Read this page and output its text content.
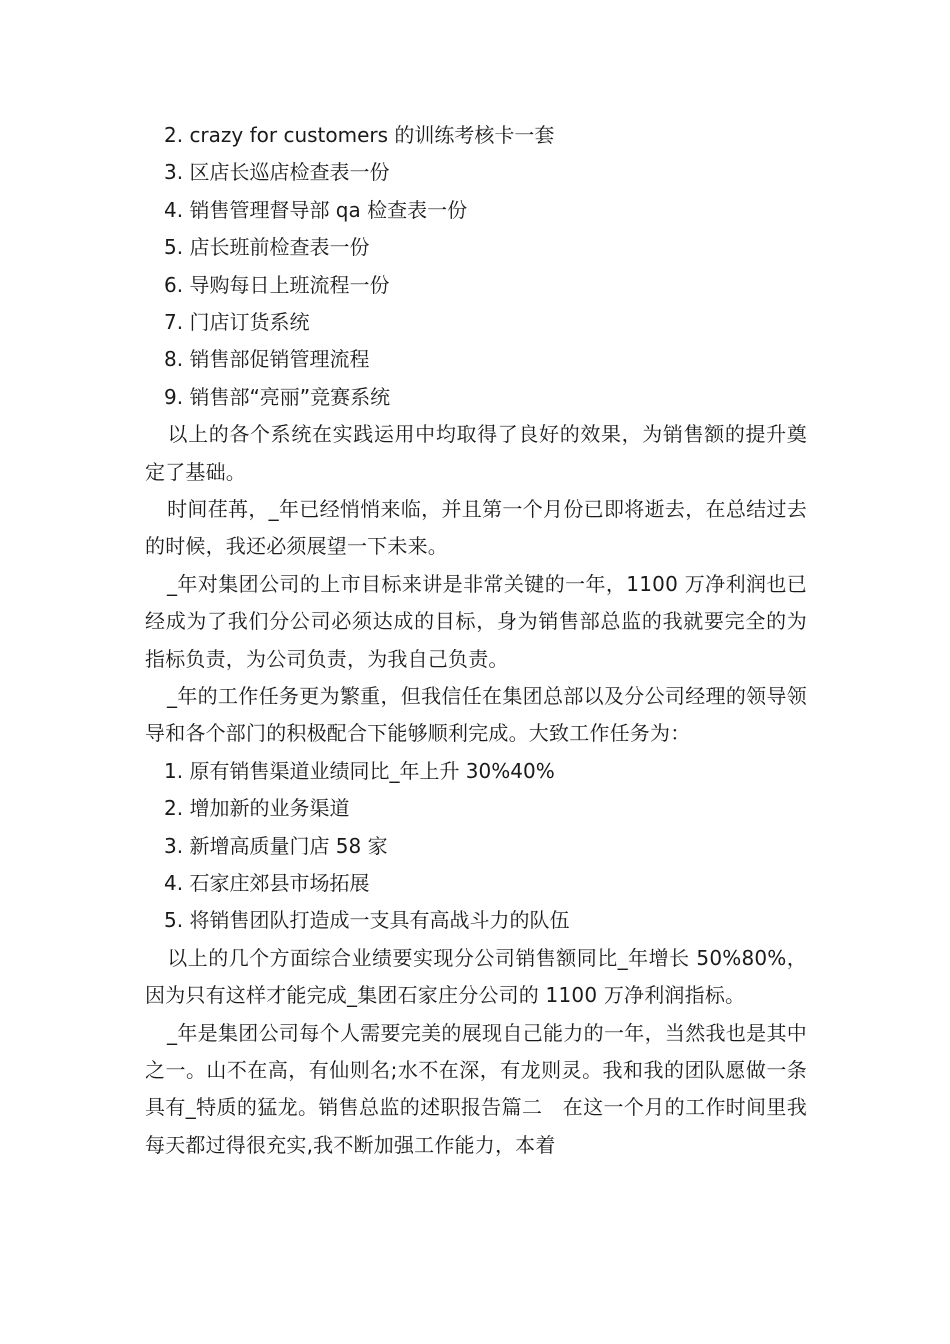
2. crazy for customers 的训练考核卡一套
3. 区店长巡店检查表一份
4. 销售管理督导部 qa 检查表一份
5. 店长班前检查表一份
6. 导购每日上班流程一份
7. 门店订货系统
8. 销售部促销管理流程
9. 销售部“亮丽”竞赛系统

以上的各个系统在实践运用中均取得了良好的效果，为销售额的提升奠定了基础。

时间荏苒，_年已经悄悄来临，并且第一个月份已即将逝去，在总结过去的时候，我还必须展望一下未来。

_年对集团公司的上市目标来讲是非常关键的一年，1100 万净利润也已经成为了我们分公司必须达成的目标，身为销售部总监的我就要完全的为指标负责，为公司负责，为我自己负责。

_年的工作任务更为繁重，但我信任在集团总部以及分公司经理的领导领导和各个部门的积极配合下能够顺利完成。大致工作任务为：

1. 原有销售渠道业绩同比_年上升 30%40%
2. 增加新的业务渠道
3. 新增高质量门店 58 家
4. 石家庄郊县市场拓展
5. 将销售团队打造成一支具有高战斗力的队伍

以上的几个方面综合业绩要实现分公司销售额同比_年增长 50%80%，因为只有这样才能完成_集团石家庄分公司的 1100 万净利润指标。

_年是集团公司每个人需要完美的展现自己能力的一年，当然我也是其中之一。山不在高，有仙则名;水不在深，有龙则灵。我和我的团队愿做一条具有_特质的猛龙。销售总监的述职报告篇二　在这一个月的工作时间里我每天都过得很充实,我不断加强工作能力，本着
